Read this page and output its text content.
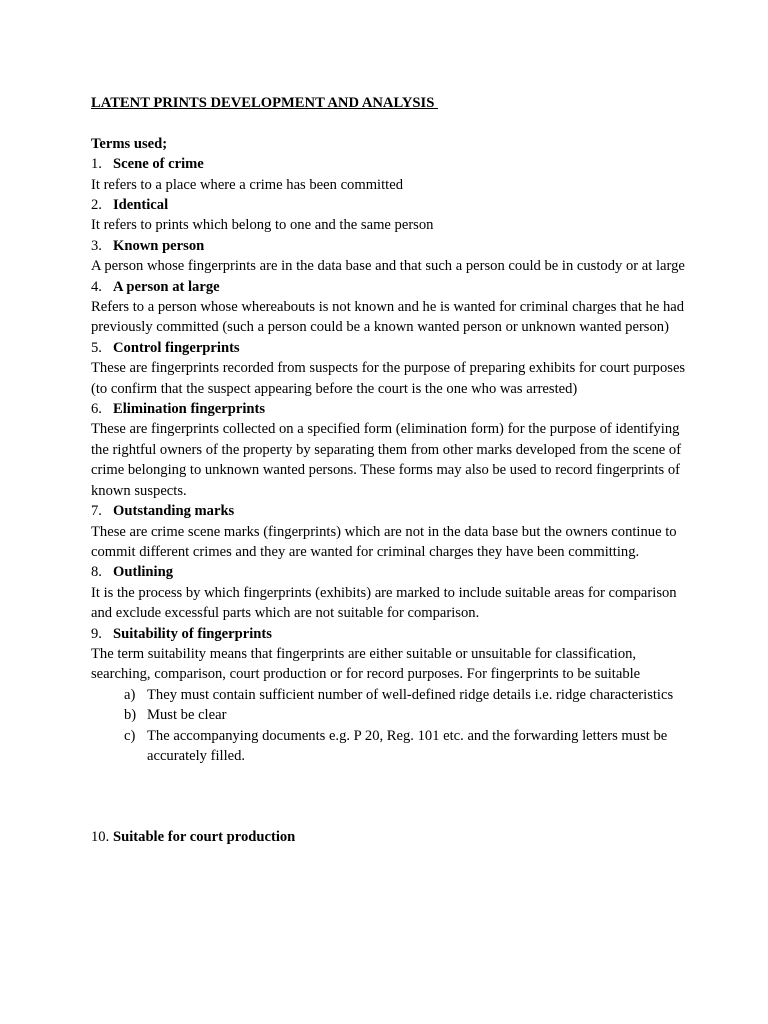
LATENT PRINTS DEVELOPMENT AND ANALYSIS
Terms used;
1. Scene of crime
It refers to a place where a crime has been committed
2. Identical
It refers to prints which belong to one and the same person
3. Known person
A person whose fingerprints are in the data base and that such a person could be in custody or at large
4. A person at large
Refers to a person whose whereabouts is not known and he is wanted for criminal charges that he had previously committed (such a person could be a known wanted person or unknown wanted person)
5. Control fingerprints
These are fingerprints recorded from suspects for the purpose of preparing exhibits for court purposes (to confirm that the suspect appearing before the court is the one who was arrested)
6. Elimination fingerprints
These are fingerprints collected on a specified form (elimination form) for the purpose of identifying the rightful owners of the property by separating them from other marks developed from the scene of crime belonging to unknown wanted persons. These forms may also be used to record fingerprints of known suspects.
7. Outstanding marks
These are crime scene marks (fingerprints) which are not in the data base but the owners continue to commit different crimes and they are wanted for criminal charges they have been committing.
8. Outlining
It is the process by which fingerprints (exhibits) are marked to include suitable areas for comparison and exclude excessful parts which are not suitable for comparison.
9. Suitability of fingerprints
The term suitability means that fingerprints are either suitable or unsuitable for classification, searching, comparison, court production or for record purposes. For fingerprints to be suitable
a) They must contain sufficient number of well-defined ridge details i.e. ridge characteristics
b) Must be clear
c) The accompanying documents e.g. P 20, Reg. 101 etc. and the forwarding letters must be accurately filled.
10. Suitable for court production
